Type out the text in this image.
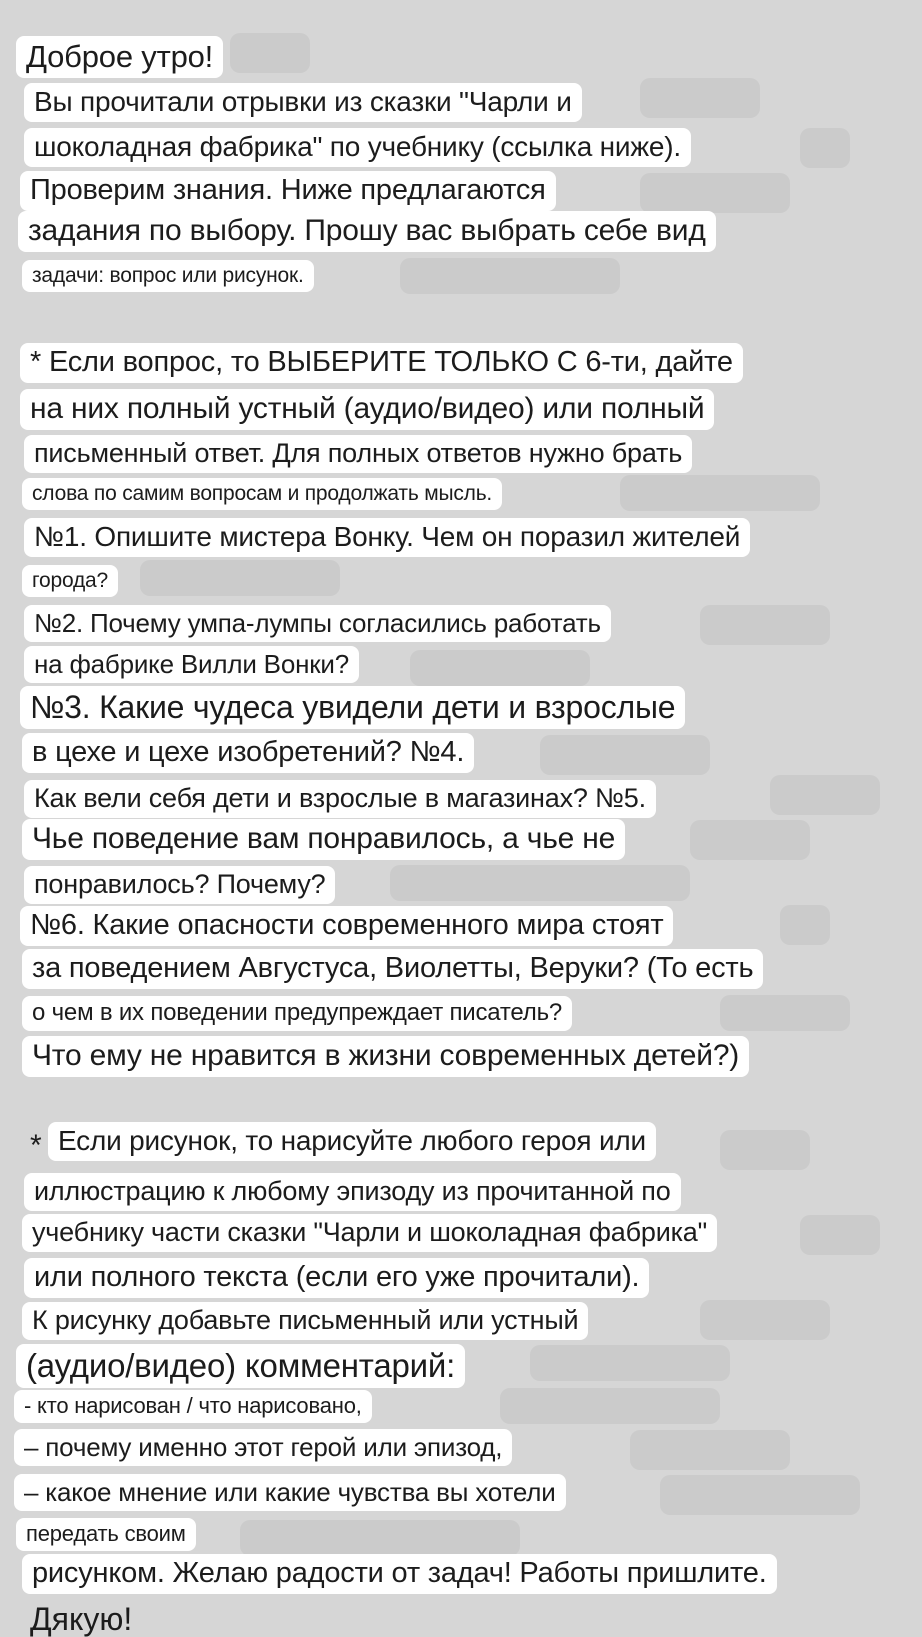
Доброе утро!
Вы прочитали отрывки из сказки "Чарли и
шоколадная фабрика" по учебнику (ссылка ниже).
Проверим знания. Ниже предлагаются
задания по выбору. Прошу вас выбрать себе вид
задачи: вопрос или рисунок.
* Если вопрос, то ВЫБЕРИТЕ ТОЛЬКО С 6-ти, дайте
на них полный устный (аудио/видео) или полный
письменный ответ. Для полных ответов нужно брать
слова по самим вопросам и продолжать мысль.
№1. Опишите мистера Вонку. Чем он поразил жителей
города?
№2. Почему умпа-лумпы согласились работать
на фабрике Вилли Вонки?
№3. Какие чудеса увидели дети и взрослые
в цехе и цехе изобретений? №4.
Как вели себя дети и взрослые в магазинах? №5.
Чье поведение вам понравилось, а чье не
понравилось? Почему?
№6. Какие опасности современного мира стоят
за поведением Августуса, Виолетты, Веруки? (То есть
о чем в их поведении предупреждает писатель?
Что ему не нравится в жизни современных детей?)
* Если рисунок, то нарисуйте любого героя или
иллюстрацию к любому эпизоду из прочитанной по
учебнику части сказки "Чарли и шоколадная фабрика"
или полного текста (если его уже прочитали).
К рисунку добавьте письменный или устный
(аудио/видео) комментарий:
- кто нарисован / что нарисовано,
– почему именно этот герой или эпизод,
– какое мнение или какие чувства вы хотели
передать своим
рисунком. Желаю радости от задач! Работы пришлите.
Дякую!
